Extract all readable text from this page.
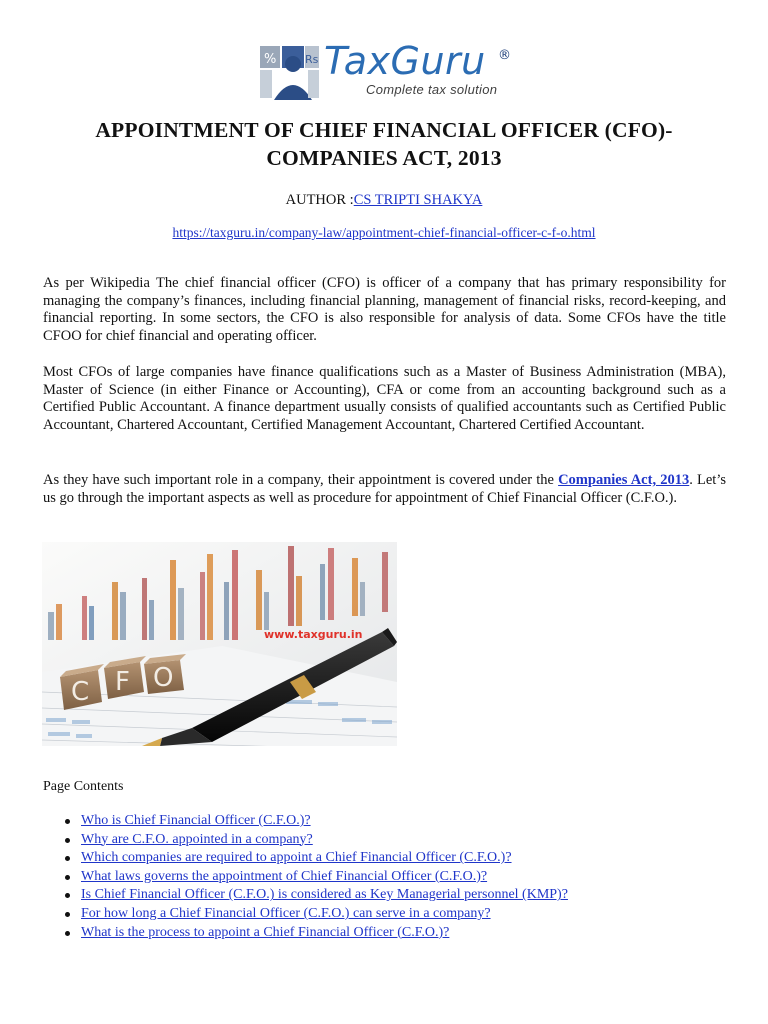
%	Rs TaxGuru ®
Complete tax solution
APPOINTMENT OF CHIEF FINANCIAL OFFICER (CFO)- COMPANIES ACT, 2013
AUTHOR :CS TRIPTI SHAKYA
https://taxguru.in/company-law/appointment-chief-financial-officer-c-f-o.html

As per Wikipedia The chief financial officer (CFO) is officer of a company that has primary responsibility for managing the company’s finances, including financial planning, management of financial risks, record-keeping, and financial reporting. In some sectors, the CFO is also responsible for analysis of data. Some CFOs have the title CFOO for chief financial and operating officer.

Most CFOs of large companies have finance qualifications such as a Master of Business Administration (MBA), Master of Science (in either Finance or Accounting), CFA or come from an accounting background such as a Certified Public Accountant. A finance department usually consists of qualified accountants such as Certified Public Accountant, Chartered Accountant, Certified Management Accountant, Chartered Certified Accountant.

As they have such important role in a company, their appointment is covered under the Companies Act, 2013. Let’s us go through the important aspects as well as procedure for appointment of Chief Financial Officer (C.F.O.).

C F O
www.taxguru.in
Page Contents
Who is Chief Financial Officer (C.F.O.)?
Why are C.F.O. appointed in a company?
Which companies are required to appoint a Chief Financial Officer (C.F.O.)?
What laws governs the appointment of Chief Financial Officer (C.F.O.)?
Is Chief Financial Officer (C.F.O.) is considered as Key Managerial personnel (KMP)?
For how long a Chief Financial Officer (C.F.O.) can serve in a company?
What is the process to appoint a Chief Financial Officer (C.F.O.)?
